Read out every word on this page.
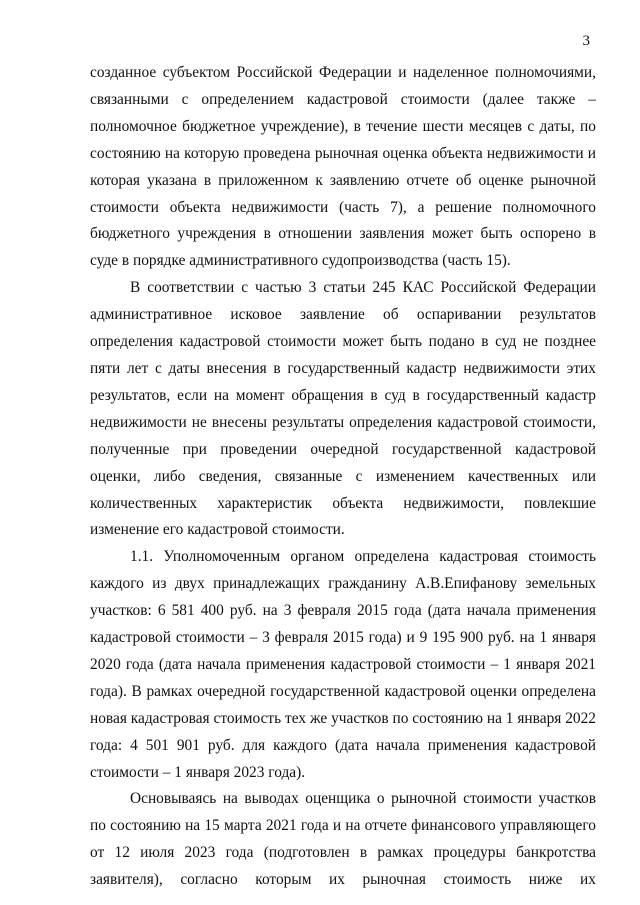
3

созданное субъектом Российской Федерации и наделенное полномочиями, связанными с определением кадастровой стоимости (далее также – полномочное бюджетное учреждение), в течение шести месяцев с даты, по состоянию на которую проведена рыночная оценка объекта недвижимости и которая указана в приложенном к заявлению отчете об оценке рыночной стоимости объекта недвижимости (часть 7), а решение полномочного бюджетного учреждения в отношении заявления может быть оспорено в суде в порядке административного судопроизводства (часть 15).

В соответствии с частью 3 статьи 245 КАС Российской Федерации административное исковое заявление об оспаривании результатов определения кадастровой стоимости может быть подано в суд не позднее пяти лет с даты внесения в государственный кадастр недвижимости этих результатов, если на момент обращения в суд в государственный кадастр недвижимости не внесены результаты определения кадастровой стоимости, полученные при проведении очередной государственной кадастровой оценки, либо сведения, связанные с изменением качественных или количественных характеристик объекта недвижимости, повлекшие изменение его кадастровой стоимости.

1.1. Уполномоченным органом определена кадастровая стоимость каждого из двух принадлежащих гражданину А.В.Епифанову земельных участков: 6 581 400 руб. на 3 февраля 2015 года (дата начала применения кадастровой стоимости – 3 февраля 2015 года) и 9 195 900 руб. на 1 января 2020 года (дата начала применения кадастровой стоимости – 1 января 2021 года). В рамках очередной государственной кадастровой оценки определена новая кадастровая стоимость тех же участков по состоянию на 1 января 2022 года: 4 501 901 руб. для каждого (дата начала применения кадастровой стоимости – 1 января 2023 года).

Основываясь на выводах оценщика о рыночной стоимости участков по состоянию на 15 марта 2021 года и на отчете финансового управляющего от 12 июля 2023 года (подготовлен в рамках процедуры банкротства заявителя), согласно которым их рыночная стоимость ниже их
